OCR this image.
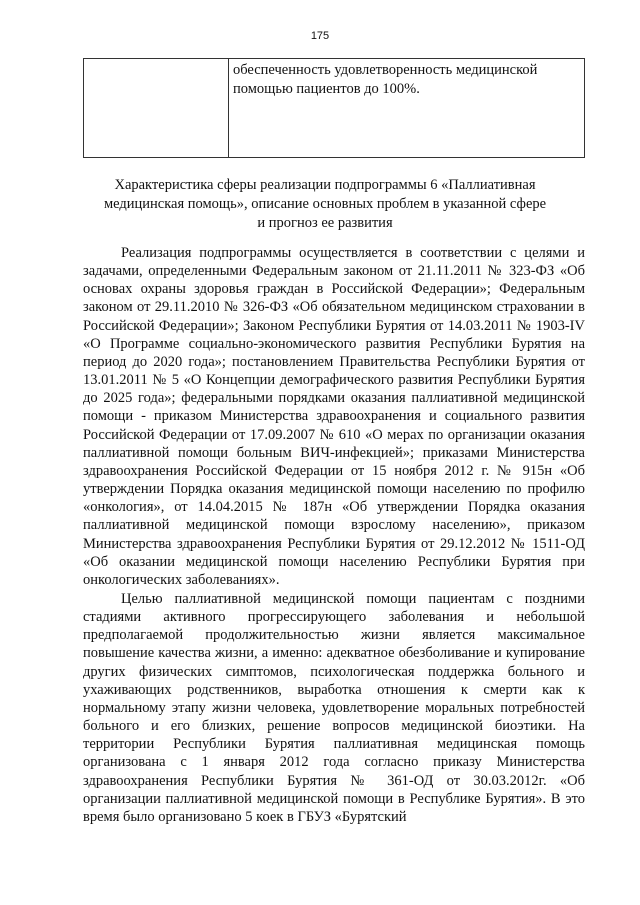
175
	обеспеченность удовлетворенность медицинской помощью пациентов до 100%.
Характеристика сферы реализации подпрограммы 6 «Паллиативная медицинская помощь», описание основных проблем в указанной сфере и прогноз ее развития

Реализация подпрограммы осуществляется в соответствии с целями и задачами, определенными Федеральным законом от 21.11.2011 № 323-ФЗ «Об основах охраны здоровья граждан в Российской Федерации»; Федеральным законом от 29.11.2010 № 326-ФЗ «Об обязательном медицинском страховании в Российской Федерации»; Законом Республики Бурятия от 14.03.2011 № 1903-IV «О Программе социально-экономического развития Республики Бурятия на период до 2020 года»; постановлением Правительства Республики Бурятия от 13.01.2011 № 5 «О Концепции демографического развития Республики Бурятия до 2025 года»; федеральными порядками оказания паллиативной медицинской помощи - приказом Министерства здравоохранения и социального развития Российской Федерации от 17.09.2007 № 610 «О мерах по организации оказания паллиативной помощи больным ВИЧ-инфекцией»; приказами Министерства здравоохранения Российской Федерации от 15 ноября 2012 г. № 915н «Об утверждении Порядка оказания медицинской помощи населению по профилю «онкология», от 14.04.2015 № 187н «Об утверждении Порядка оказания паллиативной медицинской помощи взрослому населению», приказом Министерства здравоохранения Республики Бурятия от 29.12.2012 № 1511-ОД «Об оказании медицинской помощи населению Республики Бурятия при онкологических заболеваниях».

Целью паллиативной медицинской помощи пациентам с поздними стадиями активного прогрессирующего заболевания и небольшой предполагаемой продолжительностью жизни является максимальное повышение качества жизни, а именно: адекватное обезболивание и купирование других физических симптомов, психологическая поддержка больного и ухаживающих родственников, выработка отношения к смерти как к нормальному этапу жизни человека, удовлетворение моральных потребностей больного и его близких, решение вопросов медицинской биоэтики. На территории Республики Бурятия паллиативная медицинская помощь организована с 1 января 2012 года согласно приказу Министерства здравоохранения Республики Бурятия № 361-ОД от 30.03.2012г. «Об организации паллиативной медицинской помощи в Республике Бурятия». В это время было организовано 5 коек в ГБУЗ «Бурятский
